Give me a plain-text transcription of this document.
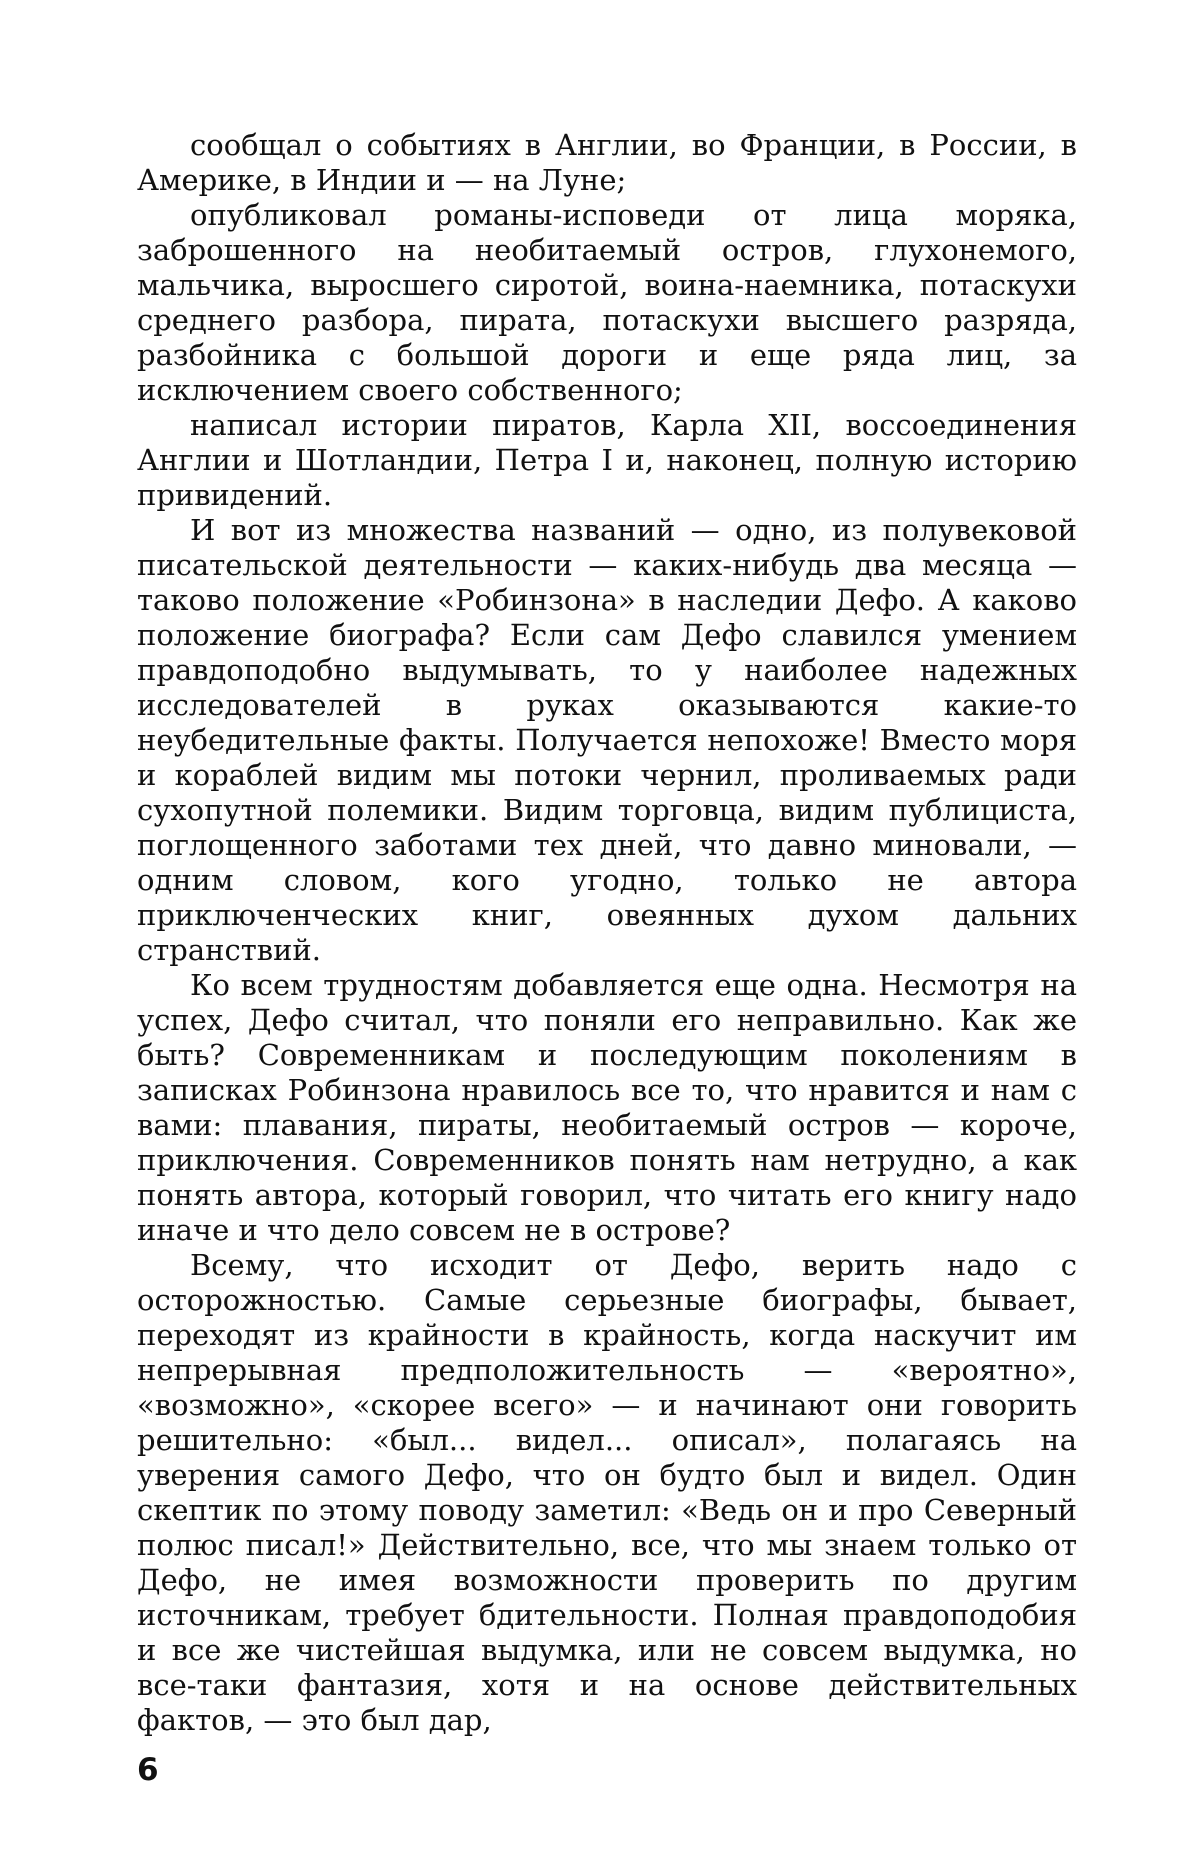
сообщал о событиях в Англии, во Франции, в России, в Америке, в Индии и — на Луне;

опубликовал романы-исповеди от лица моряка, заброшенного на необитаемый остров, глухонемого, мальчика, выросшего сиротой, воина-наемника, потаскухи среднего разбора, пирата, потаскухи высшего разряда, разбойника с большой дороги и еще ряда лиц, за исключением своего собственного;

написал истории пиратов, Карла XII, воссоединения Англии и Шотландии, Петра I и, наконец, полную историю привидений.

И вот из множества названий — одно, из полувековой писательской деятельности — каких-нибудь два месяца — таково положение «Робинзона» в наследии Дефо. А каково положение биографа? Если сам Дефо славился умением правдоподобно выдумывать, то у наиболее надежных исследователей в руках оказываются какие-то неубедительные факты. Получается непохоже! Вместо моря и кораблей видим мы потоки чернил, проливаемых ради сухопутной полемики. Видим торговца, видим публициста, поглощенного заботами тех дней, что давно миновали, — одним словом, кого угодно, только не автора приключенческих книг, овеянных духом дальних странствий.

Ко всем трудностям добавляется еще одна. Несмотря на успех, Дефо считал, что поняли его неправильно. Как же быть? Современникам и последующим поколениям в записках Робинзона нравилось все то, что нравится и нам с вами: плавания, пираты, необитаемый остров — короче, приключения. Современников понять нам нетрудно, а как понять автора, который говорил, что читать его книгу надо иначе и что дело совсем не в острове?

Всему, что исходит от Дефо, верить надо с осторожностью. Самые серьезные биографы, бывает, переходят из крайности в крайность, когда наскучит им непрерывная предположительность — «вероятно», «возможно», «скорее всего» — и начинают они говорить решительно: «был... видел... описал», полагаясь на уверения самого Дефо, что он будто был и видел. Один скептик по этому поводу заметил: «Ведь он и про Северный полюс писал!» Действительно, все, что мы знаем только от Дефо, не имея возможности проверить по другим источникам, требует бдительности. Полная правдоподобия и все же чистейшая выдумка, или не совсем выдумка, но все-таки фантазия, хотя и на основе действительных фактов, — это был дар,

6
